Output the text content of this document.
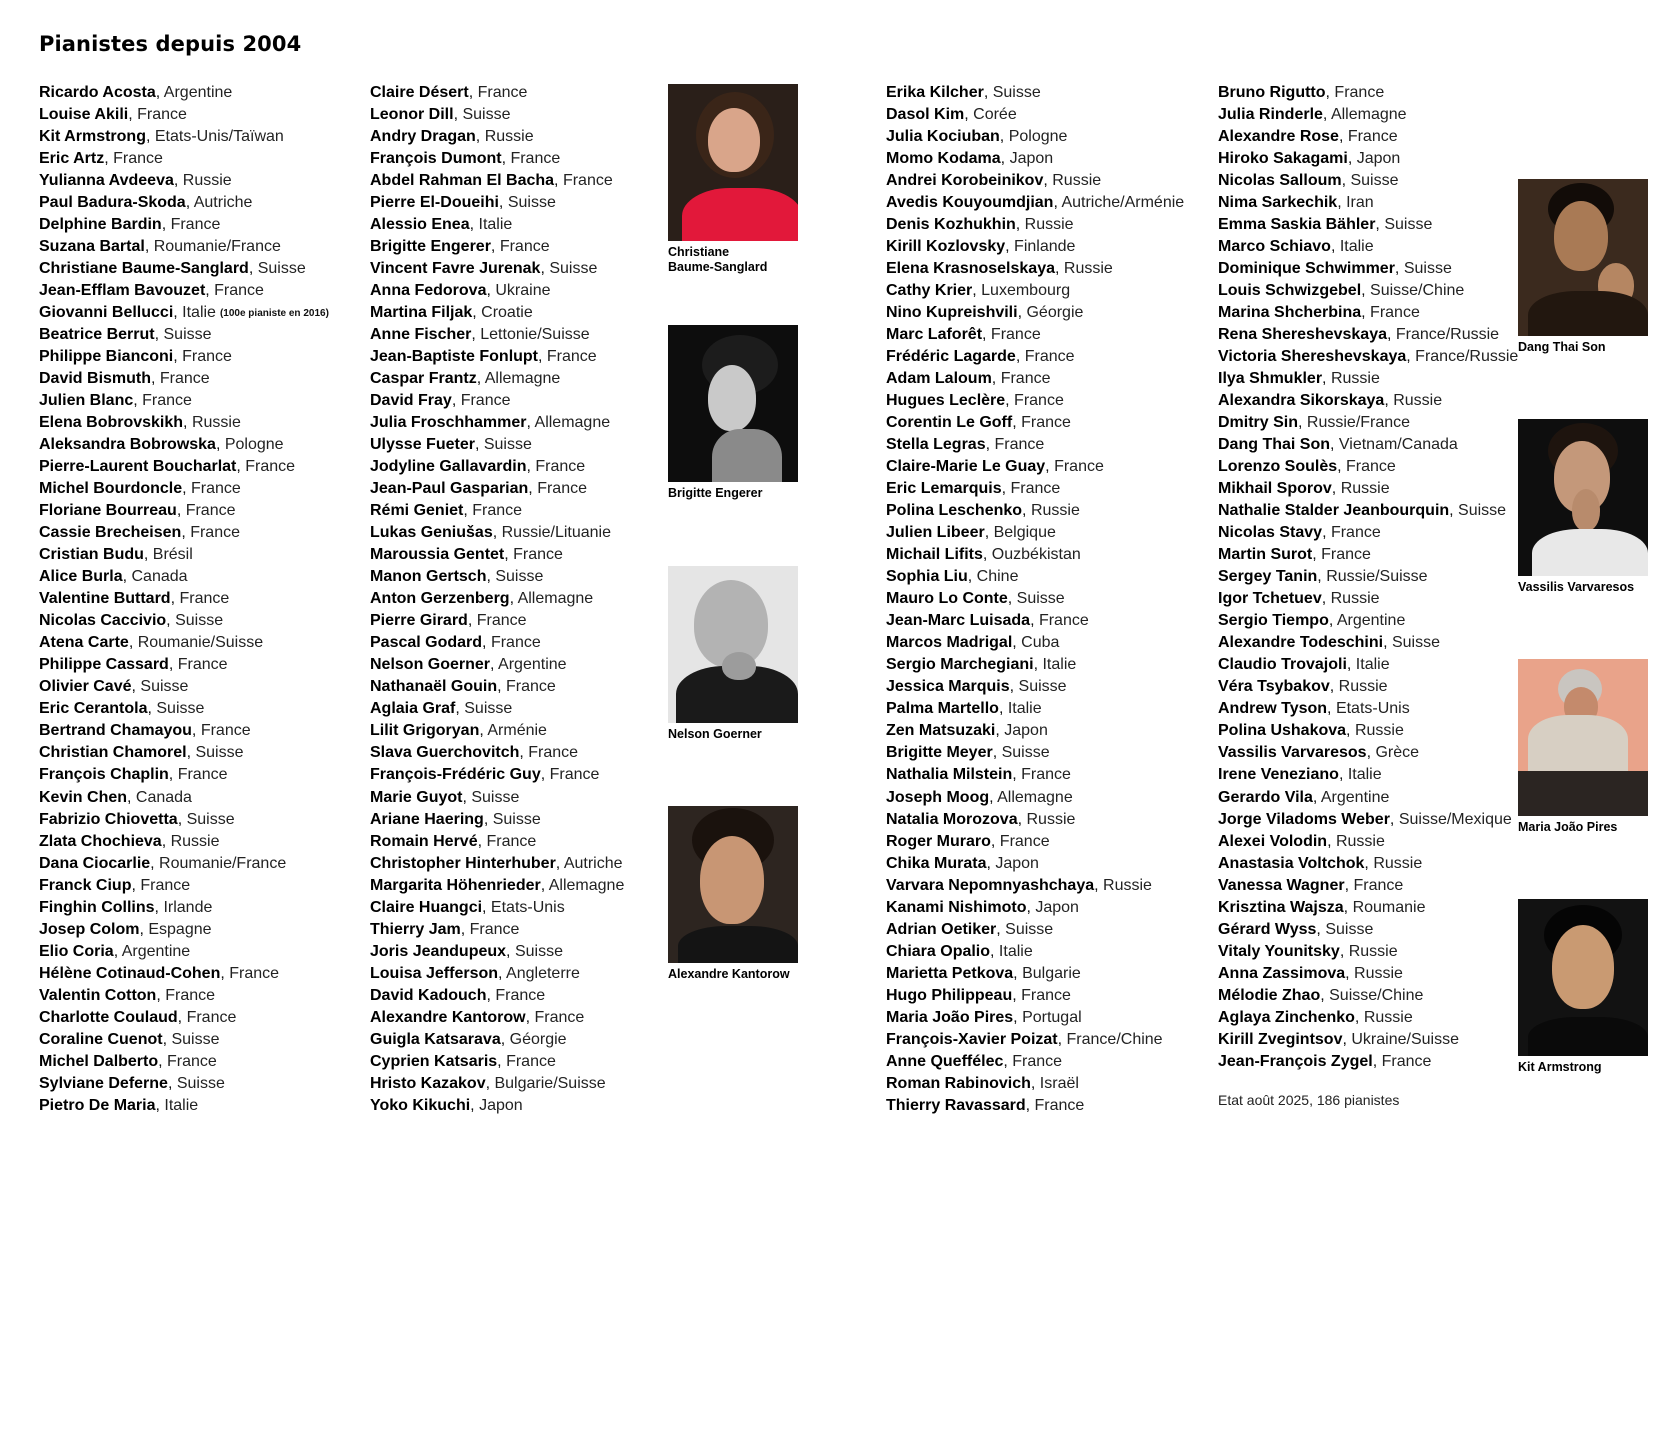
Pianistes depuis 2004
Ricardo Acosta, Argentine
Louise Akili, France
Kit Armstrong, Etats-Unis/Taïwan
Eric Artz, France
Yulianna Avdeeva, Russie
Paul Badura-Skoda, Autriche
Delphine Bardin, France
Suzana Bartal, Roumanie/France
Christiane Baume-Sanglard, Suisse
Jean-Efflam Bavouzet, France
Giovanni Bellucci, Italie (100e pianiste en 2016)
Beatrice Berrut, Suisse
Philippe Bianconi, France
David Bismuth, France
Julien Blanc, France
Elena Bobrovskikh, Russie
Aleksandra Bobrowska, Pologne
Pierre-Laurent Boucharlat, France
Michel Bourdoncle, France
Floriane Bourreau, France
Cassie Brecheisen, France
Cristian Budu, Brésil
Alice Burla, Canada
Valentine Buttard, France
Nicolas Caccivio, Suisse
Atena Carte, Roumanie/Suisse
Philippe Cassard, France
Olivier Cavé, Suisse
Eric Cerantola, Suisse
Bertrand Chamayou, France
Christian Chamorel, Suisse
François Chaplin, France
Kevin Chen, Canada
Fabrizio Chiovetta, Suisse
Zlata Chochieva, Russie
Dana Ciocarlie, Roumanie/France
Franck Ciup, France
Finghin Collins, Irlande
Josep Colom, Espagne
Elio Coria, Argentine
Hélène Cotinaud-Cohen, France
Valentin Cotton, France
Charlotte Coulaud, France
Coraline Cuenot, Suisse
Michel Dalberto, France
Sylviane Deferne, Suisse
Pietro De Maria, Italie
Claire Désert, France
Leonor Dill, Suisse
Andry Dragan, Russie
François Dumont, France
Abdel Rahman El Bacha, France
Pierre El-Doueihi, Suisse
Alessio Enea, Italie
Brigitte Engerer, France
Vincent Favre Jurenak, Suisse
Anna Fedorova, Ukraine
Martina Filjak, Croatie
Anne Fischer, Lettonie/Suisse
Jean-Baptiste Fonlupt, France
Caspar Frantz, Allemagne
David Fray, France
Julia Froschhammer, Allemagne
Ulysse Fueter, Suisse
Jodyline Gallavardin, France
Jean-Paul Gasparian, France
Rémi Geniet, France
Lukas Geniušas, Russie/Lituanie
Maroussia Gentet, France
Manon Gertsch, Suisse
Anton Gerzenberg, Allemagne
Pierre Girard, France
Pascal Godard, France
Nelson Goerner, Argentine
Nathanaël Gouin, France
Aglaia Graf, Suisse
Lilit Grigoryan, Arménie
Slava Guerchovitch, France
François-Frédéric Guy, France
Marie Guyot, Suisse
Ariane Haering, Suisse
Romain Hervé, France
Christopher Hinterhuber, Autriche
Margarita Höhenrieder, Allemagne
Claire Huangci, Etats-Unis
Thierry Jam, France
Joris Jeandupeux, Suisse
Louisa Jefferson, Angleterre
David Kadouch, France
Alexandre Kantorow, France
Guigla Katsarava, Géorgie
Cyprien Katsaris, France
Hristo Kazakov, Bulgarie/Suisse
Yoko Kikuchi, Japon
Erika Kilcher, Suisse
Dasol Kim, Corée
Julia Kociuban, Pologne
Momo Kodama, Japon
Andrei Korobeinikov, Russie
Avedis Kouyoumdjian, Autriche/Arménie
Denis Kozhukhin, Russie
Kirill Kozlovsky, Finlande
Elena Krasnoselskaya, Russie
Cathy Krier, Luxembourg
Nino Kupreishvili, Géorgie
Marc Laforêt, France
Frédéric Lagarde, France
Adam Laloum, France
Hugues Leclère, France
Corentin Le Goff, France
Stella Legras, France
Claire-Marie Le Guay, France
Eric Lemarquis, France
Polina Leschenko, Russie
Julien Libeer, Belgique
Michail Lifits, Ouzbékistan
Sophia Liu, Chine
Mauro Lo Conte, Suisse
Jean-Marc Luisada, France
Marcos Madrigal, Cuba
Sergio Marchegiani, Italie
Jessica Marquis, Suisse
Palma Martello, Italie
Zen Matsuzaki, Japon
Brigitte Meyer, Suisse
Nathalia Milstein, France
Joseph Moog, Allemagne
Natalia Morozova, Russie
Roger Muraro, France
Chika Murata, Japon
Varvara Nepomnyashchaya, Russie
Kanami Nishimoto, Japon
Adrian Oetiker, Suisse
Chiara Opalio, Italie
Marietta Petkova, Bulgarie
Hugo Philippeau, France
Maria João Pires, Portugal
François-Xavier Poizat, France/Chine
Anne Queffélec, France
Roman Rabinovich, Israël
Thierry Ravassard, France
Bruno Rigutto, France
Julia Rinderle, Allemagne
Alexandre Rose, France
Hiroko Sakagami, Japon
Nicolas Salloum, Suisse
Nima Sarkechik, Iran
Emma Saskia Bähler, Suisse
Marco Schiavo, Italie
Dominique Schwimmer, Suisse
Louis Schwizgebel, Suisse/Chine
Marina Shcherbina, France
Rena Shereshevskaya, France/Russie
Victoria Shereshevskaya, France/Russie
Ilya Shmukler, Russie
Alexandra Sikorskaya, Russie
Dmitry Sin, Russie/France
Dang Thai Son, Vietnam/Canada
Lorenzo Soulès, France
Mikhail Sporov, Russie
Nathalie Stalder Jeanbourquin, Suisse
Nicolas Stavy, France
Martin Surot, France
Sergey Tanin, Russie/Suisse
Igor Tchetuev, Russie
Sergio Tiempo, Argentine
Alexandre Todeschini, Suisse
Claudio Trovajoli, Italie
Véra Tsybakov, Russie
Andrew Tyson, Etats-Unis
Polina Ushakova, Russie
Vassilis Varvaresos, Grèce
Irene Veneziano, Italie
Gerardo Vila, Argentine
Jorge Viladoms Weber, Suisse/Mexique
Alexei Volodin, Russie
Anastasia Voltchok, Russie
Vanessa Wagner, France
Krisztina Wajsza, Roumanie
Gérard Wyss, Suisse
Vitaly Younitsky, Russie
Anna Zassimova, Russie
Mélodie Zhao, Suisse/Chine
Aglaya Zinchenko, Russie
Kirill Zvegintsov, Ukraine/Suisse
Jean-François Zygel, France
Christiane
Baume-Sanglard
Brigitte Engerer
Nelson Goerner
Alexandre Kantorow
Dang Thai Son
Vassilis Varvaresos
Maria João Pires
Kit Armstrong
Etat août 2025, 186 pianistes
